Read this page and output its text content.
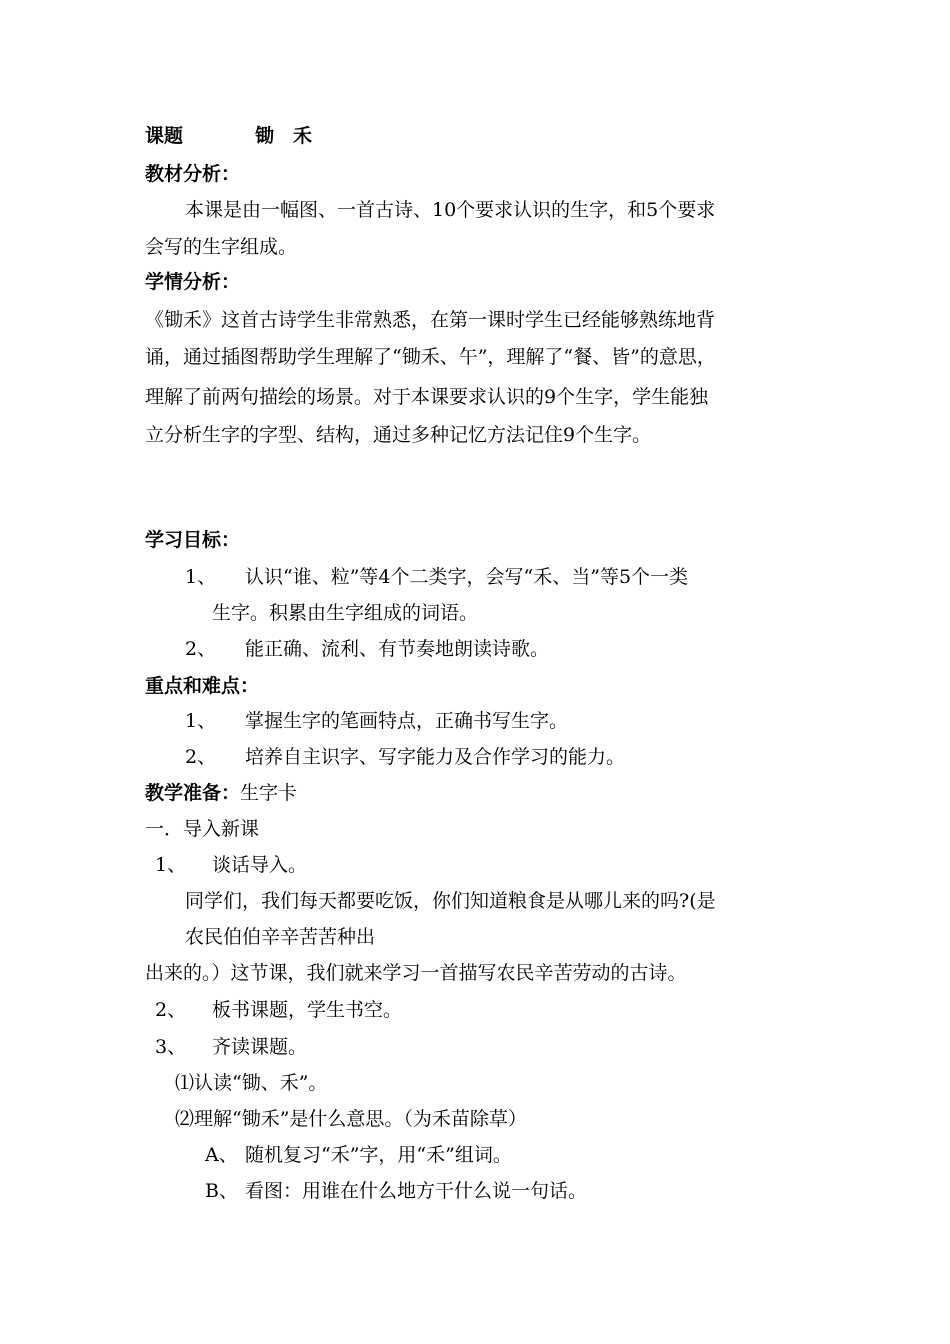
课题	锄　禾
教材分析：
本课是由一幅图、一首古诗、10个要求认识的生字，和5个要求
会写的生字组成。
学情分析：
《锄禾》这首古诗学生非常熟悉，在第一课时学生已经能够熟练地背
诵，通过插图帮助学生理解了“锄禾、午”，理解了“餐、皆”的意思，
理解了前两句描绘的场景。对于本课要求认识的9个生字，学生能独
立分析生字的字型、结构，通过多种记忆方法记住9个生字。
学习目标：
1、 认识“谁、粒”等4个二类字，会写“禾、当”等5个一类
生字。积累由生字组成的词语。
2、 能正确、流利、有节奏地朗读诗歌。
重点和难点：
1、 掌握生字的笔画特点，正确书写生字。
2、 培养自主识字、写字能力及合作学习的能力。
教学准备：生字卡
一．导入新课
1、 谈话导入。
同学们，我们每天都要吃饭，你们知道粮食是从哪儿来的吗?(是
农民伯伯辛辛苦苦种出
出来的。）这节课，我们就来学习一首描写农民辛苦劳动的古诗。
2、 板书课题，学生书空。
3、 齐读课题。
⑴认读“锄、禾”。
⑵理解“锄禾”是什么意思。（为禾苗除草）
A、 随机复习“禾”字，用“禾”组词。
B、 看图：用谁在什么地方干什么说一句话。
